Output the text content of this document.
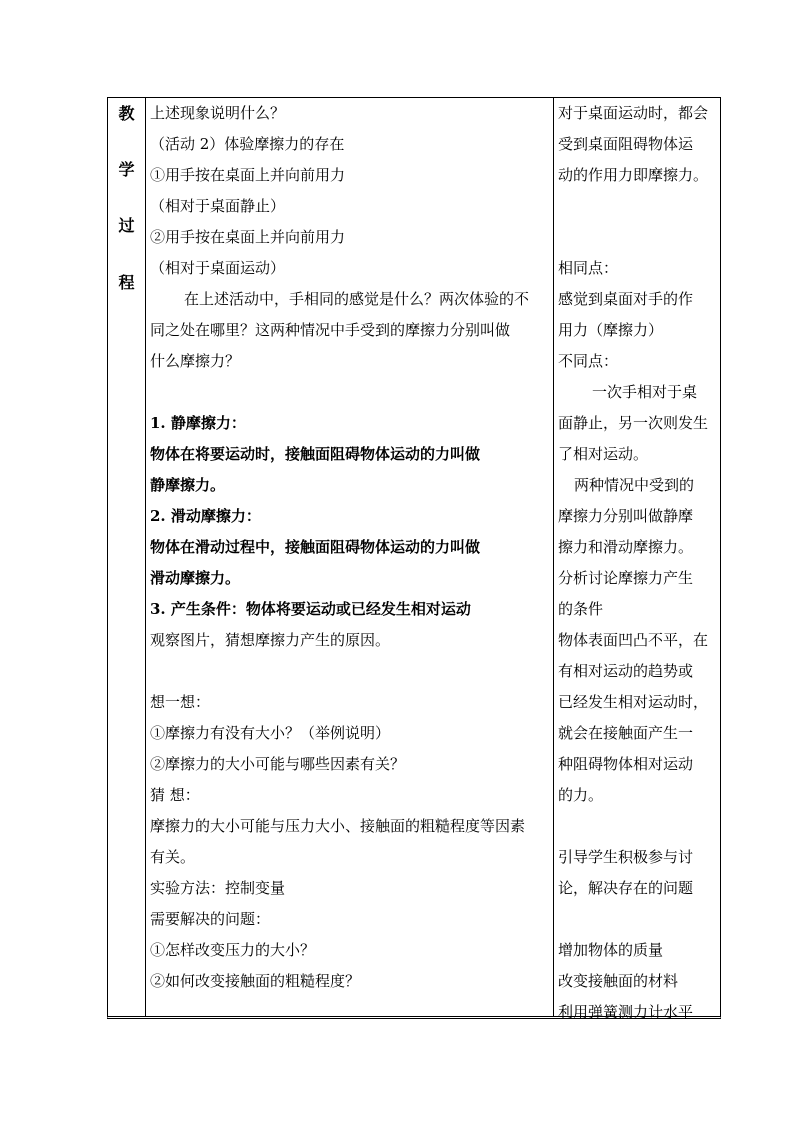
教
学
过
程
上述现象说明什么？
（活动 2）体验摩擦力的存在
①用手按在桌面上并向前用力
（相对于桌面静止）
②用手按在桌面上并向前用力
（相对于桌面运动）
在上述活动中，手相同的感觉是什么？两次体验的不
同之处在哪里？这两种情况中手受到的摩擦力分别叫做
什么摩擦力？
1. 静摩擦力：
物体在将要运动时，接触面阻碍物体运动的力叫做
静摩擦力。
2. 滑动摩擦力：
物体在滑动过程中，接触面阻碍物体运动的力叫做
滑动摩擦力。
3. 产生条件：物体将要运动或已经发生相对运动
观察图片，猜想摩擦力产生的原因。
想一想：
①摩擦力有没有大小？（举例说明）
②摩擦力的大小可能与哪些因素有关？
猜 想：
摩擦力的大小可能与压力大小、接触面的粗糙程度等因素
有关。
实验方法：控制变量
需要解决的问题：
①怎样改变压力的大小？
②如何改变接触面的粗糙程度？
对于桌面运动时，都会
受到桌面阻碍物体运
动的作用力即摩擦力。
相同点：
感觉到桌面对手的作
用力（摩擦力）
不同点：
一次手相对于桌
面静止，另一次则发生
了相对运动。
两种情况中受到的
摩擦力分别叫做静摩
擦力和滑动摩擦力。
分析讨论摩擦力产生
的条件
物体表面凹凸不平，在
有相对运动的趋势或
已经发生相对运动时，
就会在接触面产生一
种阻碍物体相对运动
的力。
引导学生积极参与讨
论，解决存在的问题
增加物体的质量
改变接触面的材料
利用弹簧测力计水平
